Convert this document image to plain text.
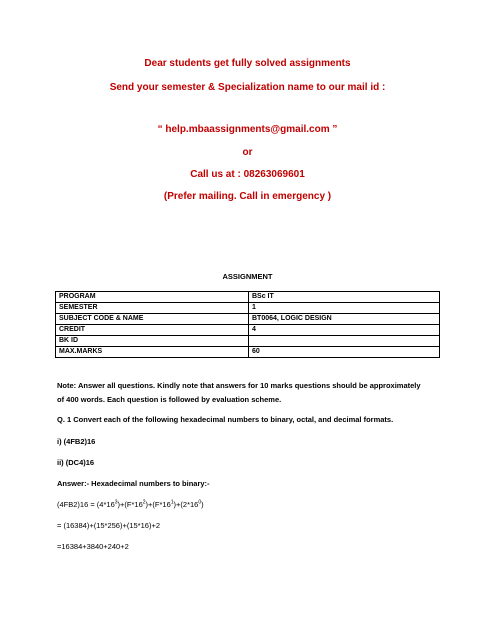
Dear students get fully solved assignments
Send your semester & Specialization name to our mail id :
“ help.mbaassignments@gmail.com ”
or
Call us at : 08263069601
(Prefer mailing. Call in emergency )
ASSIGNMENT
PROGRAM	BSc IT
SEMESTER	1
SUBJECT CODE & NAME	BT0064, LOGIC DESIGN
CREDIT	4
BK ID	
MAX.MARKS	60
Note: Answer all questions. Kindly note that answers for 10 marks questions should be approximately
of 400 words. Each question is followed by evaluation scheme.
Q. 1 Convert each of the following hexadecimal numbers to binary, octal, and decimal formats.
i) (4FB2)16
ii) (DC4)16
Answer:- Hexadecimal numbers to binary:-
$(4FB2)16 = (4*16^3)+(F*16^2)+(F*16^1)+(2*16^0)$
= (16384)+(15*256)+(15*16)+2
=16384+3840+240+2
